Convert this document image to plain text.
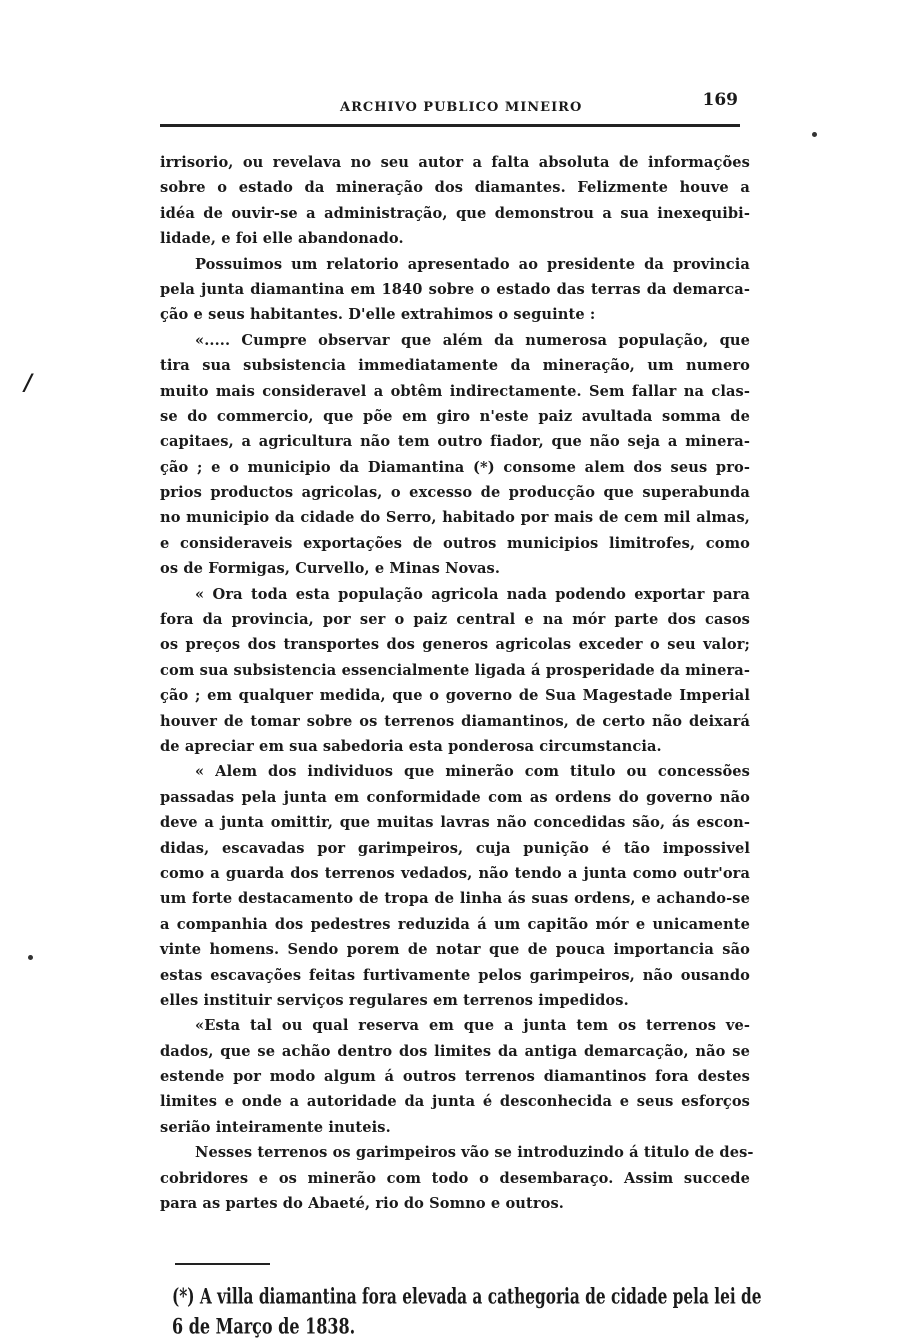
ARCHIVO PUBLICO MINEIRO	169
/
irrisorio, ou revelava no seu autor a falta absoluta de informações
sobre o estado da mineração dos diamantes. Felizmente houve a
idéa de ouvir-se a administração, que demonstrou a sua inexequibi-
lidade, e foi elle abandonado.
Possuimos um relatorio apresentado ao presidente da provincia
pela junta diamantina em 1840 sobre o estado das terras da demarca-
ção e seus habitantes. D'elle extrahimos o seguinte :
«..... Cumpre observar que além da numerosa população, que
tira sua subsistencia immediatamente da mineração, um numero
muito mais consideravel a obtêm indirectamente. Sem fallar na clas-
se do commercio, que põe em giro n'este paiz avultada somma de
capitaes, a agricultura não tem outro fiador, que não seja a minera-
ção ; e o municipio da Diamantina (*) consome alem dos seus pro-
prios productos agricolas, o excesso de producção que superabunda
no municipio da cidade do Serro, habitado por mais de cem mil almas,
e consideraveis exportações de outros municipios limitrofes, como
os de Formigas, Curvello, e Minas Novas.
« Ora toda esta população agricola nada podendo exportar para
fora da provincia, por ser o paiz central e na mór parte dos casos
os preços dos transportes dos generos agricolas exceder o seu valor;
com sua subsistencia essencialmente ligada á prosperidade da minera-
ção ; em qualquer medida, que o governo de Sua Magestade Imperial
houver de tomar sobre os terrenos diamantinos, de certo não deixará
de apreciar em sua sabedoria esta ponderosa circumstancia.
« Alem dos individuos que minerão com titulo ou concessões
passadas pela junta em conformidade com as ordens do governo não
deve a junta omittir, que muitas lavras não concedidas são, ás escon-
didas, escavadas por garimpeiros, cuja punição é tão impossivel
como a guarda dos terrenos vedados, não tendo a junta como outr'ora
um forte destacamento de tropa de linha ás suas ordens, e achando-se
a companhia dos pedestres reduzida á um capitão mór e unicamente
vinte homens. Sendo porem de notar que de pouca importancia são
estas escavações feitas furtivamente pelos garimpeiros, não ousando
elles instituir serviços regulares em terrenos impedidos.
«Esta tal ou qual reserva em que a junta tem os terrenos ve-
dados, que se achão dentro dos limites da antiga demarcação, não se
estende por modo algum á outros terrenos diamantinos fora destes
limites e onde a autoridade da junta é desconhecida e seus esforços
serião inteiramente inuteis.
Nesses terrenos os garimpeiros vão se introduzindo á titulo de des-
cobridores e os minerão com todo o desembaraço. Assim succede
para as partes do Abaeté, rio do Somno e outros.
(*) A villa diamantina fora elevada a cathegoria de cidade pela lei de
6 de Março de 1838.
